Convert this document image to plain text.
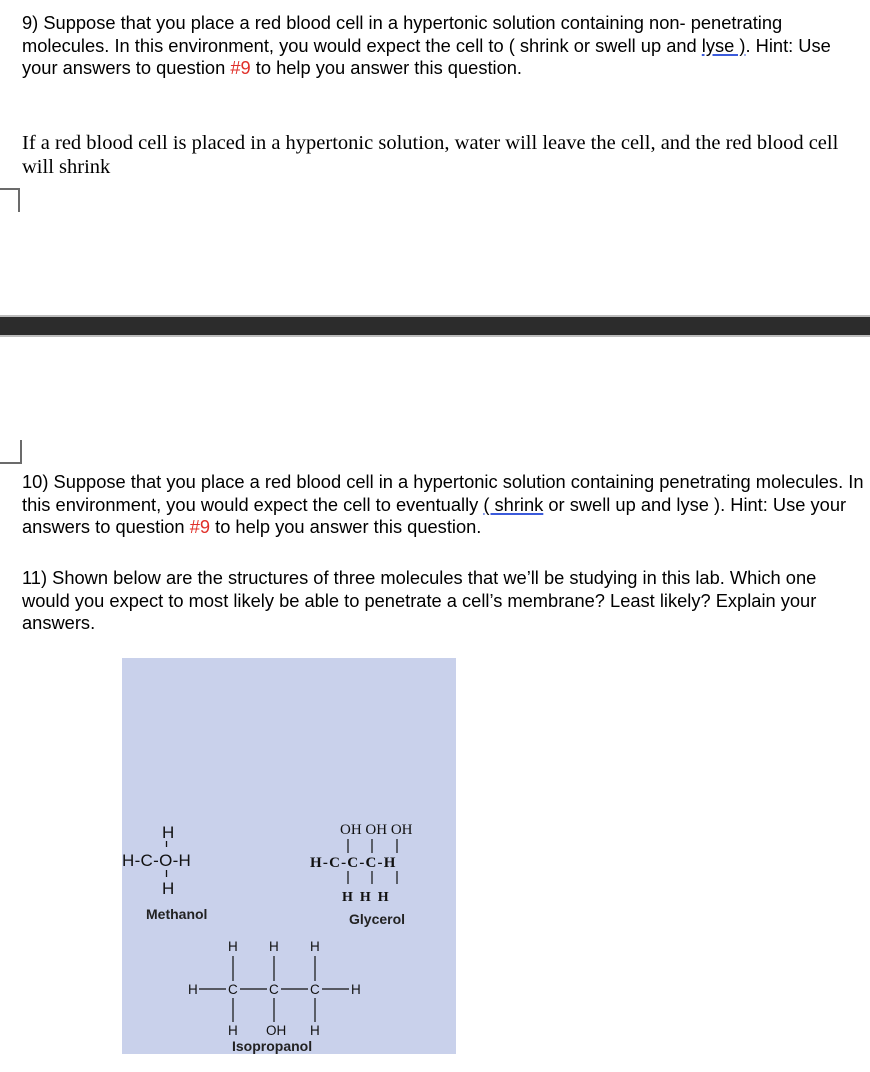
9) Suppose that you place a red blood cell in a hypertonic solution containing non- penetrating molecules. In this environment, you would expect the cell to ( shrink or swell up and lyse ). Hint: Use your answers to question #9 to help you answer this question.

If a red blood cell is placed in a hypertonic solution, water will leave the cell, and the red blood cell will shrink

10) Suppose that you place a red blood cell in a hypertonic solution containing penetrating molecules. In this environment, you would expect the cell to eventually ( shrink or swell up and lyse ). Hint: Use your answers to question #9 to help you answer this question.

11) Shown below are the structures of three molecules that we’ll be studying in this lab. Which one would you expect to most likely be able to penetrate a cell’s membrane? Least likely? Explain your answers.

H
H-C-O-H
H
Methanol
OH OH OH
H-C-C-C-H
H  H  H
Glycerol
H H H
H C C C H
H OH H
Isopropanol
